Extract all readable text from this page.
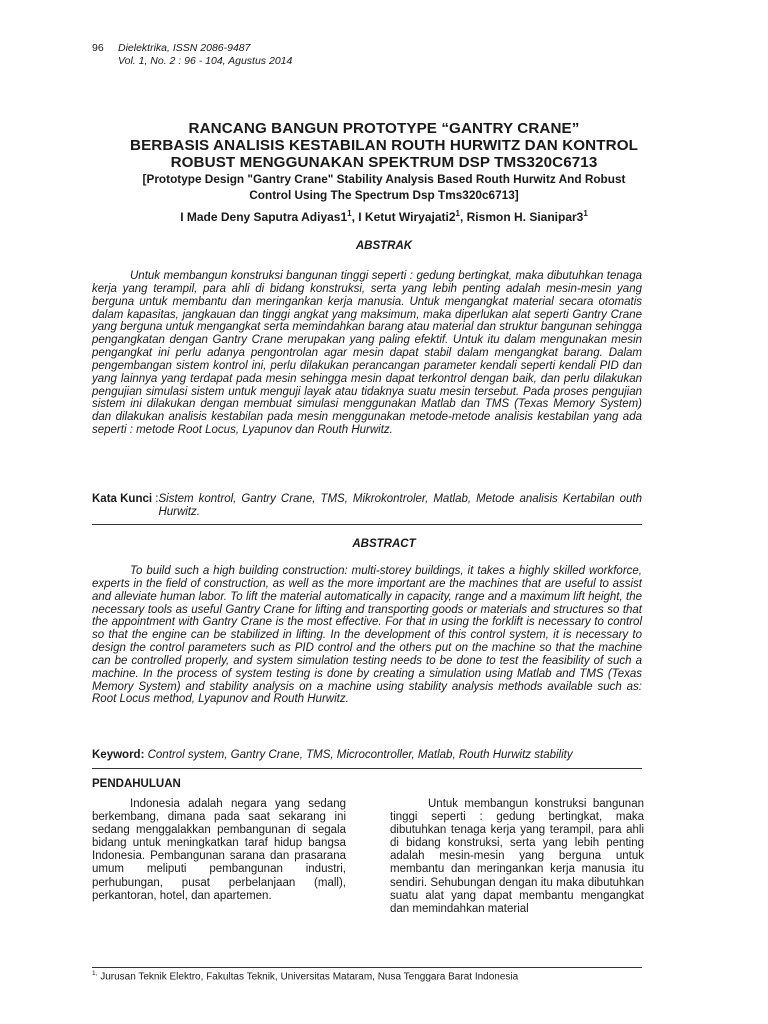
96 Dielektrika, ISSN 2086-9487
Vol. 1, No. 2 : 96 - 104, Agustus 2014
RANCANG BANGUN PROTOTYPE “GANTRY CRANE”
BERBASIS ANALISIS KESTABILAN ROUTH HURWITZ DAN KONTROL
ROBUST MENGGUNAKAN SPEKTRUM DSP TMS320C6713
[Prototype Design "Gantry Crane" Stability Analysis Based Routh Hurwitz And Robust
Control Using The Spectrum Dsp Tms320c6713]
I Made Deny Saputra $Adiyas1^1$, I Ketut $Wiryajati2^1$, Rismon H. $Sianipar3^1$
ABSTRAK

Untuk membangun konstruksi bangunan tinggi seperti : gedung bertingkat, maka dibutuhkan tenaga kerja yang terampil, para ahli di bidang konstruksi, serta yang lebih penting adalah mesin-mesin yang berguna untuk membantu dan meringankan kerja manusia. Untuk mengangkat material secara otomatis dalam kapasitas, jangkauan dan tinggi angkat yang maksimum, maka diperlukan alat seperti Gantry Crane yang berguna untuk mengangkat serta memindahkan barang atau material dan struktur bangunan sehingga pengangkatan dengan Gantry Crane merupakan yang paling efektif. Untuk itu dalam mengunakan mesin pengangkat ini perlu adanya pengontrolan agar mesin dapat stabil dalam mengangkat barang. Dalam pengembangan sistem kontrol ini, perlu dilakukan perancangan parameter kendali seperti kendali PID dan yang lainnya yang terdapat pada mesin sehingga mesin dapat terkontrol dengan baik, dan perlu dilakukan pengujian simulasi sistem untuk menguji layak atau tidaknya suatu mesin tersebut. Pada proses pengujian sistem ini dilakukan dengan membuat simulasi menggunakan Matlab dan TMS (Texas Memory System) dan dilakukan analisis kestabilan pada mesin menggunakan metode-metode analisis kestabilan yang ada seperti : metode Root Locus, Lyapunov dan Routh Hurwitz.

Kata Kunci : Sistem kontrol, Gantry Crane, TMS, Mikrokontroler, Matlab, Metode analisis Kertabilan outh Hurwitz.
ABSTRACT

To build such a high building construction: multi-storey buildings, it takes a highly skilled workforce, experts in the field of construction, as well as the more important are the machines that are useful to assist and alleviate human labor. To lift the material automatically in capacity, range and a maximum lift height, the necessary tools as useful Gantry Crane for lifting and transporting goods or materials and structures so that the appointment with Gantry Crane is the most effective. For that in using the forklift is necessary to control so that the engine can be stabilized in lifting. In the development of this control system, it is necessary to design the control parameters such as PID control and the others put on the machine so that the machine can be controlled properly, and system simulation testing needs to be done to test the feasibility of such a machine. In the process of system testing is done by creating a simulation using Matlab and TMS (Texas Memory System) and stability analysis on a machine using stability analysis methods available such as: Root Locus method, Lyapunov and Routh Hurwitz.

Keyword: Control system, Gantry Crane, TMS, Microcontroller, Matlab, Routh Hurwitz stability
PENDAHULUAN

Indonesia adalah negara yang sedang berkembang, dimana pada saat sekarang ini sedang menggalakkan pembangunan di segala bidang untuk meningkatkan taraf hidup bangsa Indonesia. Pembangunan sarana dan prasarana umum meliputi pembangunan industri, perhubungan, pusat perbelanjaan (mall), perkantoran, hotel, dan apartemen.

Untuk membangun konstruksi bangunan tinggi seperti : gedung bertingkat, maka dibutuhkan tenaga kerja yang terampil, para ahli di bidang konstruksi, serta yang lebih penting adalah mesin-mesin yang berguna untuk membantu dan meringankan kerja manusia itu sendiri. Sehubungan dengan itu maka dibutuhkan suatu alat yang dapat membantu mengangkat dan memindahkan material

$^{1,}$ Jurusan Teknik Elektro, Fakultas Teknik, Universitas Mataram, Nusa Tenggara Barat Indonesia
